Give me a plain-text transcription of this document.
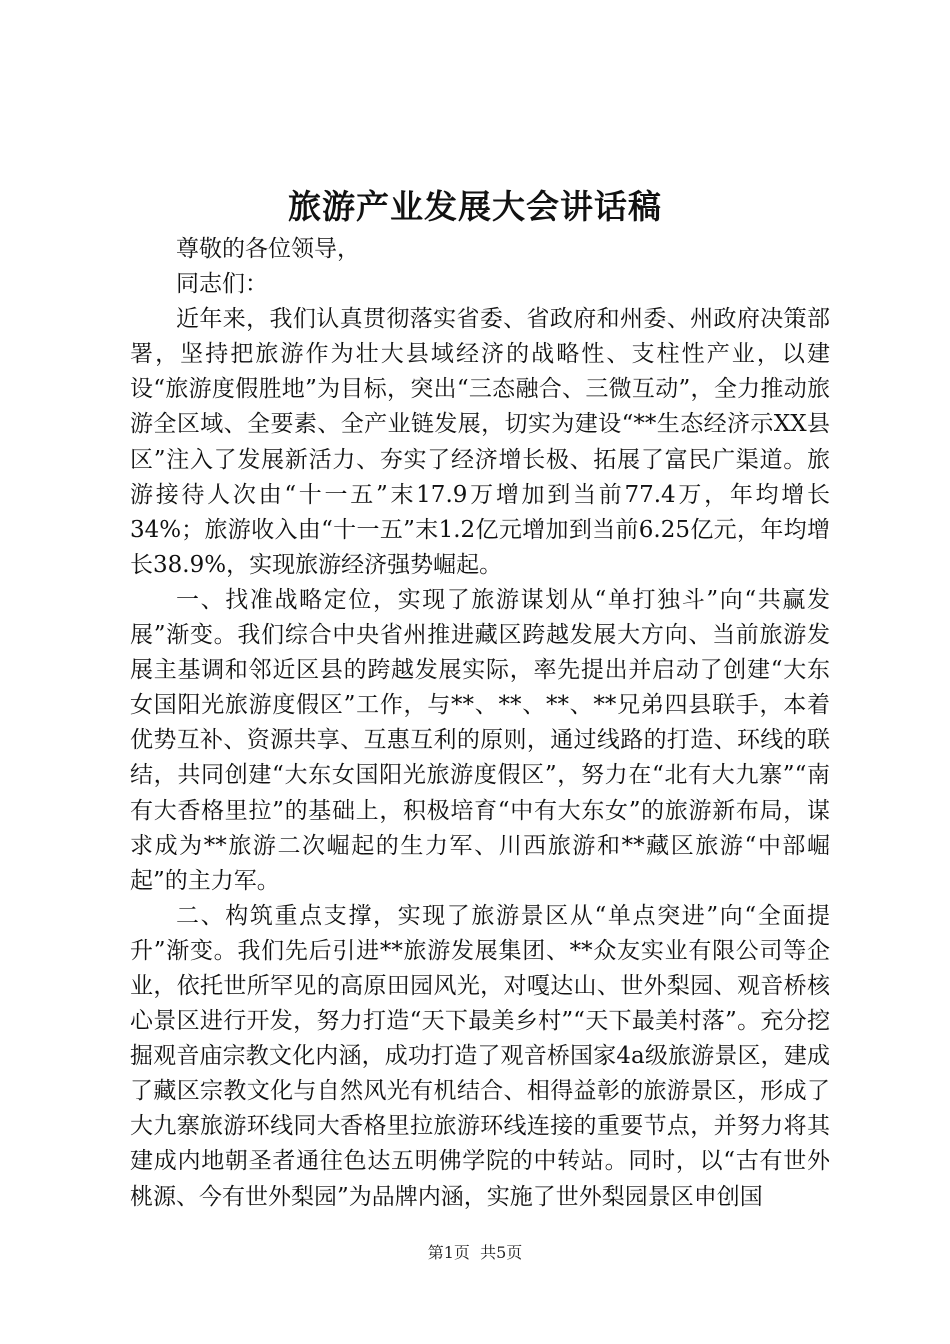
旅游产业发展大会讲话稿

尊敬的各位领导，

同志们：

近年来，我们认真贯彻落实省委、省政府和州委、州政府决策部署，坚持把旅游作为壮大县域经济的战略性、支柱性产业，以建设“旅游度假胜地”为目标，突出“三态融合、三微互动”，全力推动旅游全区域、全要素、全产业链发展，切实为建设“**生态经济示XX县区”注入了发展新活力、夯实了经济增长极、拓展了富民广渠道。旅游接待人次由“十一五”末17.9万增加到当前77.4万，年均增长34%；旅游收入由“十一五”末1.2亿元增加到当前6.25亿元，年均增长38.9%，实现旅游经济强势崛起。

一、找准战略定位，实现了旅游谋划从“单打独斗”向“共赢发展”渐变。我们综合中央省州推进藏区跨越发展大方向、当前旅游发展主基调和邻近区县的跨越发展实际，率先提出并启动了创建“大东女国阳光旅游度假区”工作，与**、**、**、**兄弟四县联手，本着优势互补、资源共享、互惠互利的原则，通过线路的打造、环线的联结，共同创建“大东女国阳光旅游度假区”，努力在“北有大九寨”“南有大香格里拉”的基础上，积极培育“中有大东女”的旅游新布局，谋求成为**旅游二次崛起的生力军、川西旅游和**藏区旅游“中部崛起”的主力军。

二、构筑重点支撑，实现了旅游景区从“单点突进”向“全面提升”渐变。我们先后引进**旅游发展集团、**众友实业有限公司等企业，依托世所罕见的高原田园风光，对嘎达山、世外梨园、观音桥核心景区进行开发，努力打造“天下最美乡村”“天下最美村落”。充分挖掘观音庙宗教文化内涵，成功打造了观音桥国家4a级旅游景区，建成了藏区宗教文化与自然风光有机结合、相得益彰的旅游景区，形成了大九寨旅游环线同大香格里拉旅游环线连接的重要节点，并努力将其建成内地朝圣者通往色达五明佛学院的中转站。同时，以“古有世外桃源、今有世外梨园”为品牌内涵，实施了世外梨园景区申创国

第1页  共5页
